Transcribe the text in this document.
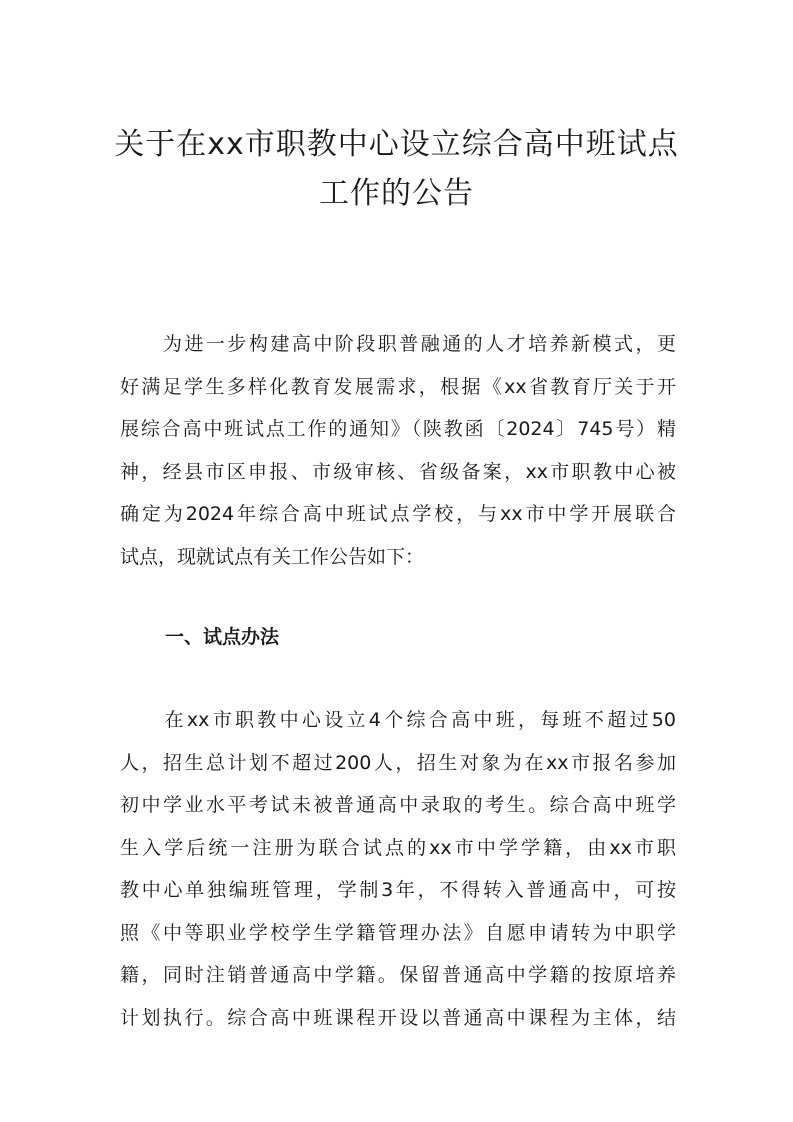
关于在xx市职教中心设立综合高中班试点
工作的公告
　　为进一步构建高中阶段职普融通的人才培养新模式，更
好满足学生多样化教育发展需求，根据《xx省教育厅关于开
展综合高中班试点工作的通知》（陕教函〔2024〕745号）精
神，经县市区申报、市级审核、省级备案，xx市职教中心被
确定为2024年综合高中班试点学校，与xx市中学开展联合
试点，现就试点有关工作公告如下：
一、试点办法
　　在xx市职教中心设立4个综合高中班，每班不超过50
人，招生总计划不超过200人，招生对象为在xx市报名参加
初中学业水平考试未被普通高中录取的考生。综合高中班学
生入学后统一注册为联合试点的xx市中学学籍，由xx市职
教中心单独编班管理，学制3年，不得转入普通高中，可按
照《中等职业学校学生学籍管理办法》自愿申请转为中职学
籍，同时注销普通高中学籍。保留普通高中学籍的按原培养
计划执行。综合高中班课程开设以普通高中课程为主体，结
